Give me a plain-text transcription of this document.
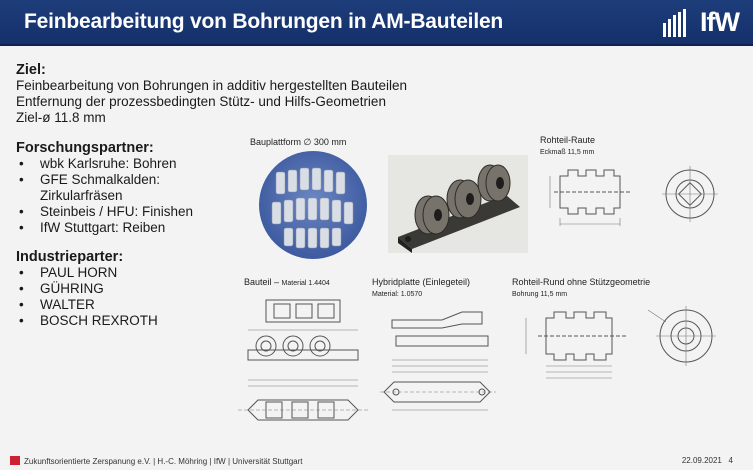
Feinbearbeitung von Bohrungen in AM-Bauteilen	IfW
Ziel:
Feinbearbeitung von Bohrungen in additiv hergestellten Bauteilen
Entfernung der prozessbedingten Stütz- und Hilfs-Geometrien
Ziel-ø 11.8 mm
Forschungspartner:
• wbk Karlsruhe: Bohren
• GFE Schmalkalden:
Zirkularfräsen
• Steinbeis / HFU: Finishen
• IfW Stuttgart: Reiben
Industrieparter:
• PAUL HORN
• GÜHRING
• WALTER
• BOSCH REXROTH
Bauplattform ∅ 300 mm	Rohteil-Raute
Eckmaß 11,5 mm
Bauteil – Material 1.4404	Hybridplatte (Einlegeteil)
Material: 1.0570
Rohteil-Rund ohne Stützgeometrie
Bohrung 11,5 mm
Zukunftsorientierte Zerspanung e.V. | H.-C. Möhring | IfW | Universität Stuttgart	22.09.2021 4
